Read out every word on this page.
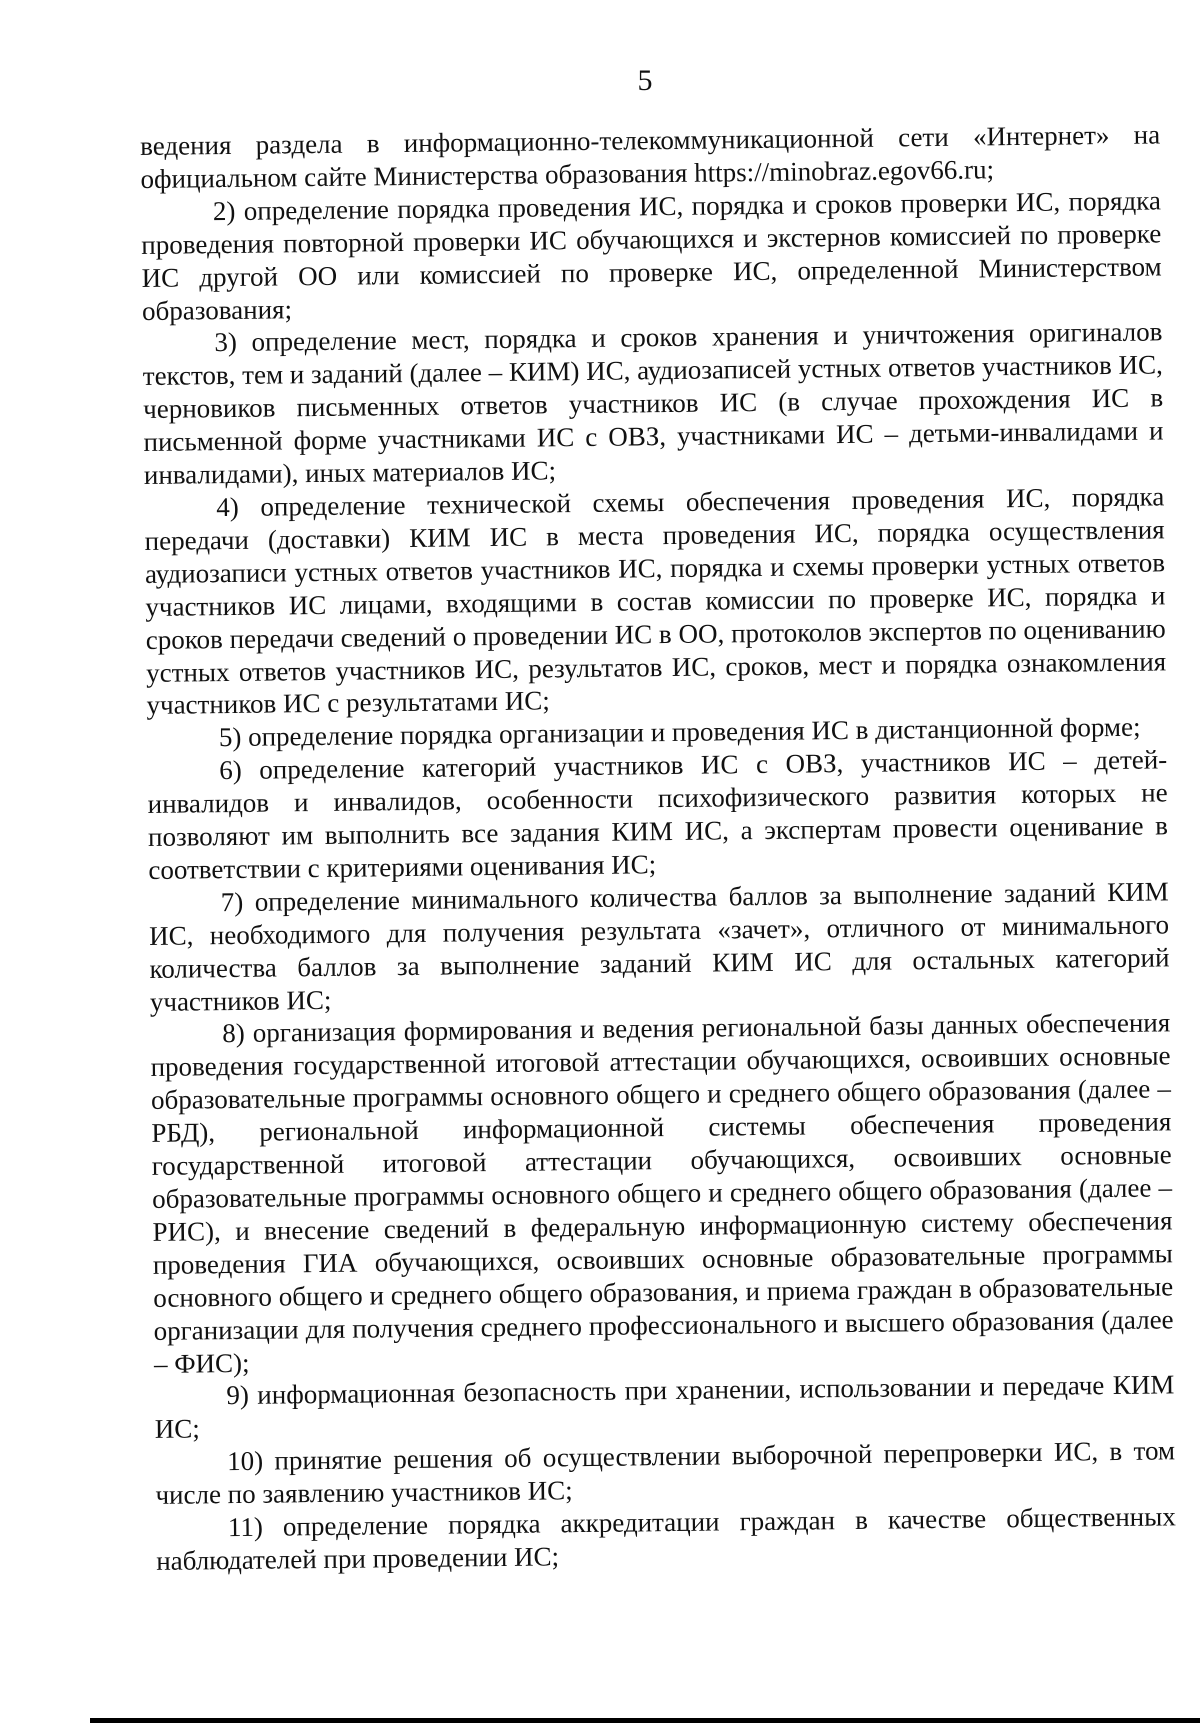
5

ведения раздела в информационно-телекоммуникационной сети «Интернет» на официальном сайте Министерства образования https://minobraz.egov66.ru;

2) определение порядка проведения ИС, порядка и сроков проверки ИС, порядка проведения повторной проверки ИС обучающихся и экстернов комиссией по проверке ИС другой ОО или комиссией по проверке ИС, определенной Министерством образования;

3) определение мест, порядка и сроков хранения и уничтожения оригиналов текстов, тем и заданий (далее – КИМ) ИС, аудиозаписей устных ответов участников ИС, черновиков письменных ответов участников ИС (в случае прохождения ИС в письменной форме участниками ИС с ОВЗ, участниками ИС – детьми-инвалидами и инвалидами), иных материалов ИС;

4) определение технической схемы обеспечения проведения ИС, порядка передачи (доставки) КИМ ИС в места проведения ИС, порядка осуществления аудиозаписи устных ответов участников ИС, порядка и схемы проверки устных ответов участников ИС лицами, входящими в состав комиссии по проверке ИС, порядка и сроков передачи сведений о проведении ИС в ОО, протоколов экспертов по оцениванию устных ответов участников ИС, результатов ИС, сроков, мест и порядка ознакомления участников ИС с результатами ИС;

5) определение порядка организации и проведения ИС в дистанционной форме;

6) определение категорий участников ИС с ОВЗ, участников ИС – детей-инвалидов и инвалидов, особенности психофизического развития которых не позволяют им выполнить все задания КИМ ИС, а экспертам провести оценивание в соответствии с критериями оценивания ИС;

7) определение минимального количества баллов за выполнение заданий КИМ ИС, необходимого для получения результата «зачет», отличного от минимального количества баллов за выполнение заданий КИМ ИС для остальных категорий участников ИС;

8) организация формирования и ведения региональной базы данных обеспечения проведения государственной итоговой аттестации обучающихся, освоивших основные образовательные программы основного общего и среднего общего образования (далее – РБД), региональной информационной системы обеспечения проведения государственной итоговой аттестации обучающихся, освоивших основные образовательные программы основного общего и среднего общего образования (далее – РИС), и внесение сведений в федеральную информационную систему обеспечения проведения ГИА обучающихся, освоивших основные образовательные программы основного общего и среднего общего образования, и приема граждан в образовательные организации для получения среднего профессионального и высшего образования (далее – ФИС);

9) информационная безопасность при хранении, использовании и передаче КИМ ИС;

10) принятие решения об осуществлении выборочной перепроверки ИС, в том числе по заявлению участников ИС;

11) определение порядка аккредитации граждан в качестве общественных наблюдателей при проведении ИС;
